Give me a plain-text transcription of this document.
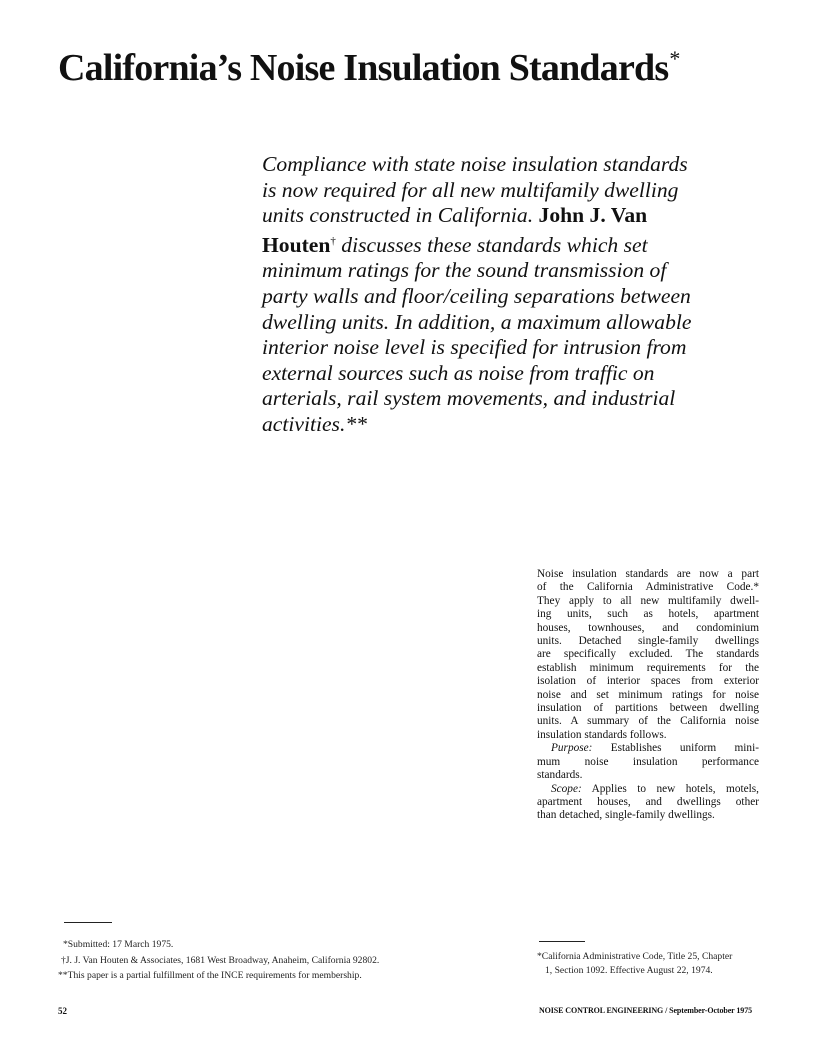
California’s Noise Insulation Standards*
Compliance with state noise insulation standards
is now required for all new multifamily dwelling
units constructed in California. John J. Van
Houten† discusses these standards which set
minimum ratings for the sound transmission of
party walls and floor/ceiling separations between
dwelling units. In addition, a maximum allowable
interior noise level is specified for intrusion from
external sources such as noise from traffic on
arterials, rail system movements, and industrial
activities.**
Noise insulation standards are now a part
of the California Administrative Code.*
They apply to all new multifamily dwell-
ing units, such as hotels, apartment
houses, townhouses, and condominium
units. Detached single-family dwellings
are specifically excluded. The standards
establish minimum requirements for the
isolation of interior spaces from exterior
noise and set minimum ratings for noise
insulation of partitions between dwelling
units. A summary of the California noise
insulation standards follows.
Purpose: Establishes uniform mini-
mum noise insulation performance
standards.
Scope: Applies to new hotels, motels,
apartment houses, and dwellings other
than detached, single-family dwellings.
*Submitted: 17 March 1975.
†J. J. Van Houten & Associates, 1681 West Broadway, Anaheim, California 92802.
**This paper is a partial fulfillment of the INCE requirements for membership.
*California Administrative Code, Title 25, Chapter
1, Section 1092. Effective August 22, 1974.
52	NOISE CONTROL ENGINEERING / September-October 1975
